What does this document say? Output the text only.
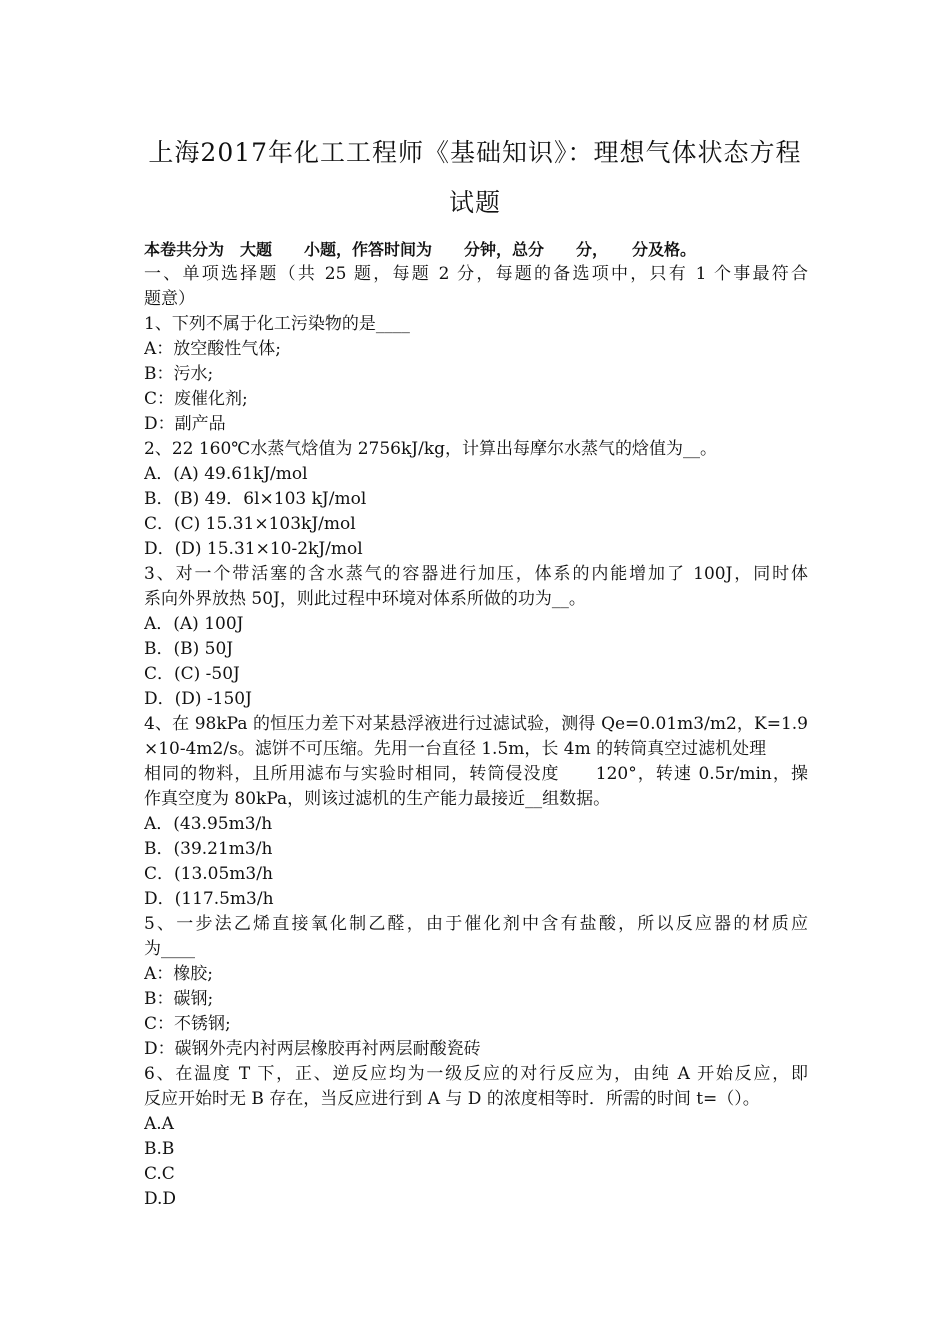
上海2017年化工工程师《基础知识》：理想气体状态方程
试题
本卷共分为　大题　　小题，作答时间为　　分钟，总分　　分，　　分及格。
一、单项选择题（共 25 题，每题 2 分，每题的备选项中，只有 1 个事最符合
题意）
1、下列不属于化工污染物的是____
A：放空酸性气体;
B：污水;
C：废催化剂;
D：副产品
2、22 160℃水蒸气焓值为 2756kJ/kg，计算出每摩尔水蒸气的焓值为__。
A．(A) 49.61kJ/mol
B．(B) 49．6l×103 kJ/mol
C．(C) 15.31×103kJ/mol
D．(D) 15.31×10-2kJ/mol
3、对一个带活塞的含水蒸气的容器进行加压，体系的内能增加了 100J，同时体
系向外界放热 50J，则此过程中环境对体系所做的功为__。
A．(A) 100J
B．(B) 50J
C．(C) -50J
D．(D) -150J
4、在 98kPa 的恒压力差下对某悬浮液进行过滤试验，测得 Qe=0.01m3/m2，K=1.9
×10-4m2/s。滤饼不可压缩。先用一台直径 1.5m，长 4m 的转筒真空过滤机处理
相同的物料，且所用滤布与实验时相同，转筒侵没度　　120°，转速 0.5r/min，操
作真空度为 80kPa，则该过滤机的生产能力最接近__组数据。
A．(43.95m3/h
B．(39.21m3/h
C．(13.05m3/h
D．(117.5m3/h
5、一步法乙烯直接氧化制乙醛，由于催化剂中含有盐酸，所以反应器的材质应
为____
A：橡胶;
B：碳钢;
C：不锈钢;
D：碳钢外壳内衬两层橡胶再衬两层耐酸瓷砖
6、在温度 T 下，正、逆反应均为一级反应的对行反应为，由纯 A 开始反应，即
反应开始时无 B 存在，当反应进行到 A 与 D 的浓度相等时．所需的时间 t=（）。
A.A
B.B
C.C
D.D
